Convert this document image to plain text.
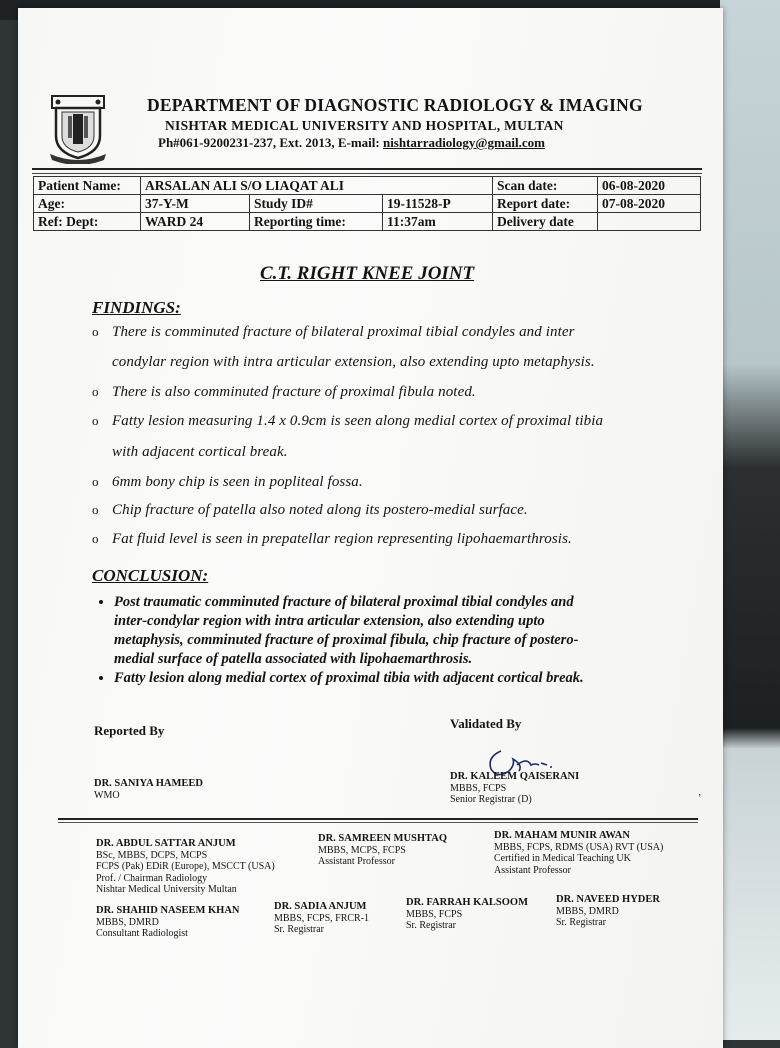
DEPARTMENT OF DIAGNOSTIC RADIOLOGY & IMAGING
NISHTAR MEDICAL UNIVERSITY AND HOSPITAL, MULTAN
Ph#061-9200231-237, Ext. 2013, E-mail: nishtarradiology@gmail.com
Patient Name:	ARSALAN ALI S/O LIAQAT ALI			Scan date:	06-08-2020
Age:	37-Y-M	Study ID#	19-11528-P	Report date:	07-08-2020
Ref: Dept:	WARD 24	Reporting time:	11:37am	Delivery date	
C.T. RIGHT KNEE JOINT
FINDINGS:
o There is comminuted fracture of bilateral proximal tibial condyles and inter
condylar region with intra articular extension, also extending upto metaphysis.
o There is also comminuted fracture of proximal fibula noted.
o Fatty lesion measuring 1.4 x 0.9cm is seen along medial cortex of proximal tibia
with adjacent cortical break.
o 6mm bony chip is seen in popliteal fossa.
o Chip fracture of patella also noted along its postero-medial surface.
o Fat fluid level is seen in prepatellar region representing lipohaemarthrosis.
CONCLUSION:
• Post traumatic comminuted fracture of bilateral proximal tibial condyles and
inter-condylar region with intra articular extension, also extending upto
metaphysis, comminuted fracture of proximal fibula, chip fracture of postero-
medial surface of patella associated with lipohaemarthrosis.
• Fatty lesion along medial cortex of proximal tibia with adjacent cortical break.
Reported By	Validated By
DR. SANIYA HAMEED
WMO
DR. KALEEM QAISERANI
MBBS, FCPS
Senior Registrar (D)	ʼ
DR. ABDUL SATTAR ANJUM
BSc, MBBS, DCPS, MCPS
FCPS (Pak) EDiR (Europe), MSCCT (USA)
Prof. / Chairman Radiology
Nishtar Medical University Multan
DR. SAMREEN MUSHTAQ
MBBS, MCPS, FCPS
Assistant Professor
DR. MAHAM MUNIR AWAN
MBBS, FCPS, RDMS (USA) RVT (USA)
Certified in Medical Teaching UK
Assistant Professor
DR. SHAHID NASEEM KHAN
MBBS, DMRD
Consultant Radiologist
DR. SADIA ANJUM
MBBS, FCPS, FRCR-1
Sr. Registrar
DR. FARRAH KALSOOM
MBBS, FCPS
Sr. Registrar
DR. NAVEED HYDER
MBBS, DMRD
Sr. Registrar
